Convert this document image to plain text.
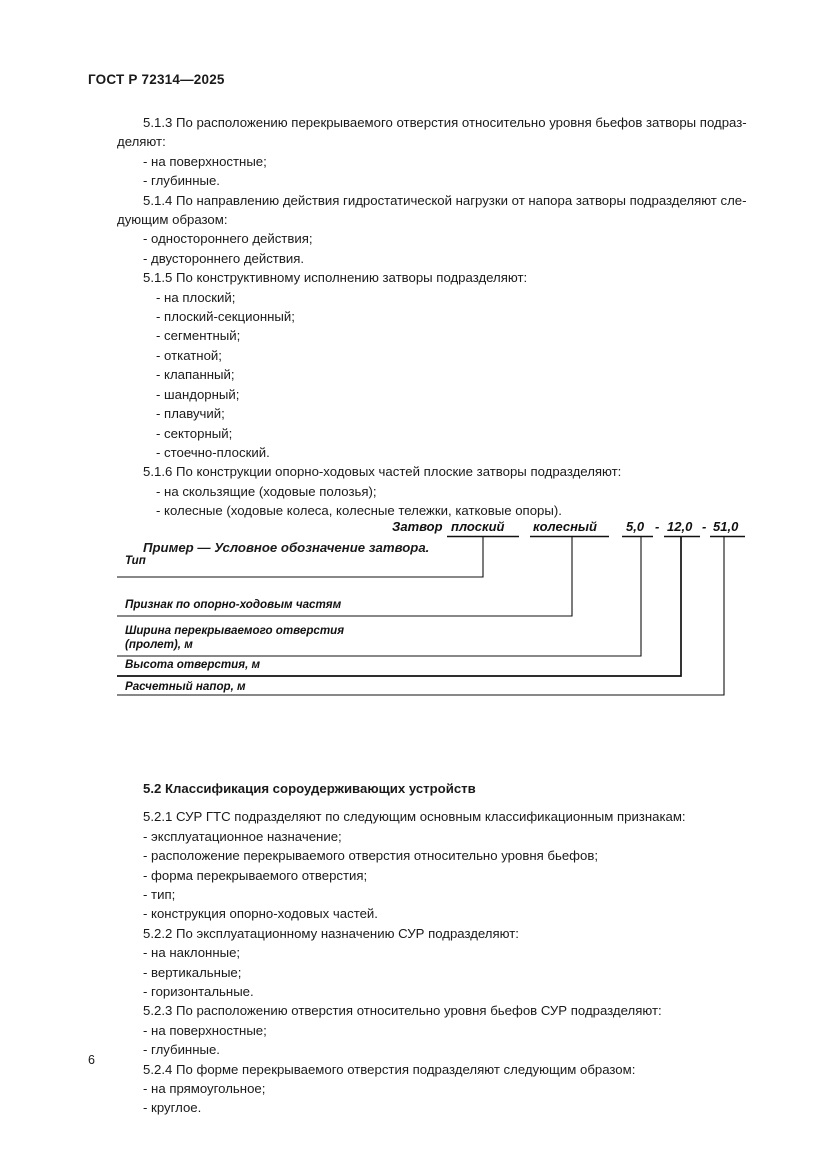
ГОСТ Р 72314—2025

5.1.3 По расположению перекрываемого отверстия относительно уровня бьефов затворы подраз-

деляют:

- на поверхностные;
- глубинные.

5.1.4 По направлению действия гидростатической нагрузки от напора затворы подразделяют сле-

дующим образом:

- одностороннего действия;
- двустороннего действия.

5.1.5 По конструктивному исполнению затворы подразделяют:

- на плоский;
- плоский-секционный;
- сегментный;
- откатной;
- клапанный;
- шандорный;
- плавучий;
- секторный;
- стоечно-плоский.

5.1.6 По конструкции опорно-ходовых частей плоские затворы подразделяют:

- на скользящие (ходовые полозья);
- колесные (ходовые колеса, колесные тележки, катковые опоры).

Пример — Условное обозначение затвора.

5.2 Классификация сороудерживающих устройств

5.2.1 СУР ГТС подразделяют по следующим основным классификационным признакам:

- эксплуатационное назначение;
- расположение перекрываемого отверстия относительно уровня бьефов;
- форма перекрываемого отверстия;
- тип;
- конструкция опорно-ходовых частей.

5.2.2 По эксплуатационному назначению СУР подразделяют:

- на наклонные;
- вертикальные;
- горизонтальные.

5.2.3 По расположению отверстия относительно уровня бьефов СУР подразделяют:

- на поверхностные;
- глубинные.

5.2.4 По форме перекрываемого отверстия подразделяют следующим образом:

- на прямоугольное;
- круглое.
Затвор плоский колесный 5,0 - 12,0 - 51,0
Тип
Признак по опорно-ходовым частям
Ширина перекрываемого отверстия
(пролет), м
Высота отверстия, м
Расчетный напор, м
6
